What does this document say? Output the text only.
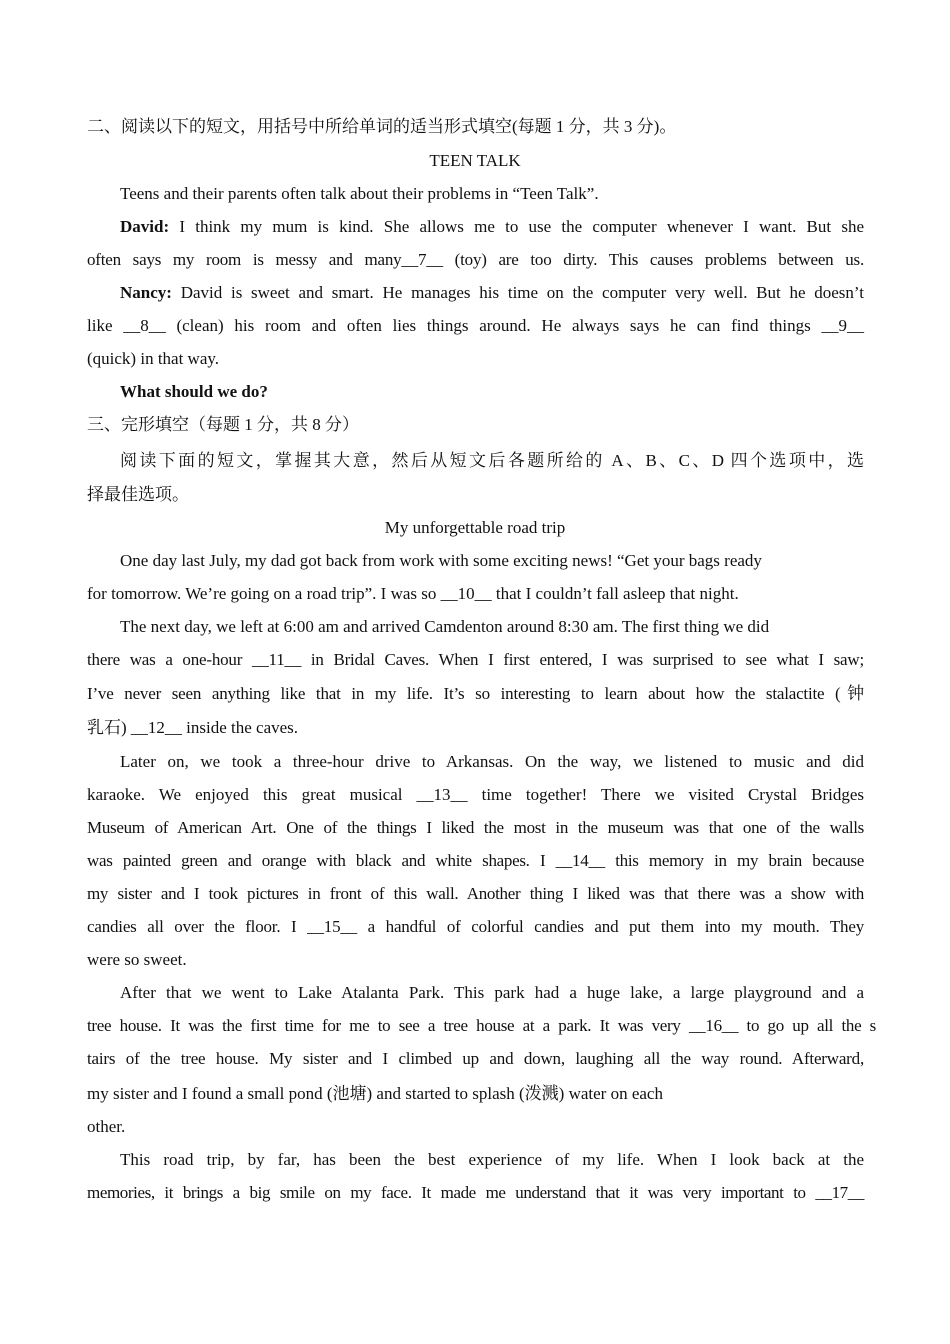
二、阅读以下的短文，用括号中所给单词的适当形式填空(每题 1 分，共 3 分)。
TEEN TALK
Teens and their parents often talk about their problems in “Teen Talk”.
David: I think my mum is kind. She allows me to use the computer whenever I want. But she
often says my room is messy and many__7__ (toy) are too dirty. This causes problems between us.
Nancy: David is sweet and smart. He manages his time on the computer very well. But he doesn’t
like __8__ (clean) his room and often lies things around. He always says he can find things __9__
(quick) in that way.
What should we do?
三、完形填空（每题 1 分，共 8 分）
阅读下面的短文，掌握其大意，然后从短文后各题所给的 A、B、C、D 四个选项中，选
择最佳选项。
My unforgettable road trip
One day last July, my dad got back from work with some exciting news! “Get your bags ready
for tomorrow. We’re going on a road trip”. I was so __10__ that I couldn’t fall asleep that night.
The next day, we left at 6:00 am and arrived Camdenton around 8:30 am. The first thing we did
there was a one-hour __11__ in Bridal Caves. When I first entered, I was surprised to see what I saw;
I’ve never seen anything like that in my life. It’s so interesting to learn about how the stalactite (钟
乳石) __12__ inside the caves.
Later on, we took a three-hour drive to Arkansas. On the way, we listened to music and did
karaoke. We enjoyed this great musical __13__ time together! There we visited Crystal Bridges
Museum of American Art. One of the things I liked the most in the museum was that one of the walls
was painted green and orange with black and white shapes. I __14__ this memory in my brain because
my sister and I took pictures in front of this wall. Another thing I liked was that there was a show with
candies all over the floor. I __15__ a handful of colorful candies and put them into my mouth. They
were so sweet.
After that we went to Lake Atalanta Park. This park had a huge lake, a large playground and a
tree house. It was the first time for me to see a tree house at a park. It was very __16__ to go up all the s
tairs of the tree house. My sister and I climbed up and down, laughing all the way round. Afterward,
my sister and I found a small pond (池塘) and started to splash (泼溅) water on each
other.
This road trip, by far, has been the best experience of my life. When I look back at the
memories, it brings a big smile on my face. It made me understand that it was very important to __17__
